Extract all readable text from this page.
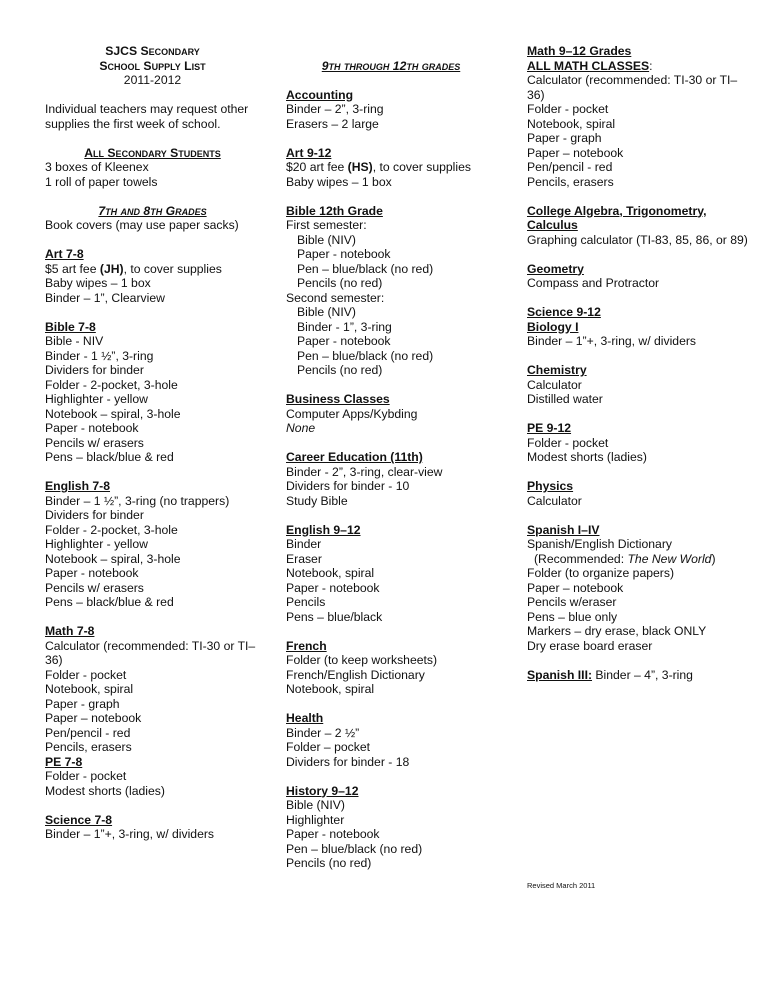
SJCS Secondary
School Supply List
2011-2012
Individual teachers may request other supplies the first week of school.
All Secondary Students
3 boxes of Kleenex
1 roll of paper towels
7th and 8th Grades
Book covers (may use paper sacks)
Art 7-8
$5 art fee (JH), to cover supplies
Baby wipes – 1 box
Binder – 1”, Clearview
Bible 7-8
Bible - NIV
Binder - 1 ½”, 3-ring
Dividers for binder
Folder - 2-pocket, 3-hole
Highlighter - yellow
Notebook – spiral, 3-hole
Paper - notebook
Pencils w/ erasers
Pens – black/blue & red
English 7-8
Binder – 1 ½”, 3-ring (no trappers)
Dividers for binder
Folder - 2-pocket, 3-hole
Highlighter - yellow
Notebook – spiral, 3-hole
Paper - notebook
Pencils w/ erasers
Pens – black/blue & red
Math 7-8
Calculator (recommended: TI-30 or TI–36)
Folder - pocket
Notebook, spiral
Paper - graph
Paper – notebook
Pen/pencil - red
Pencils, erasers
PE 7-8
Folder - pocket
Modest shorts (ladies)
Science 7-8
Binder – 1”+, 3-ring, w/ dividers
9th through 12th grades
Accounting
Binder – 2”, 3-ring
Erasers – 2 large
Art 9-12
$20 art fee (HS), to cover supplies
Baby wipes – 1 box
Bible 12th Grade
First semester:
Bible (NIV)
Paper - notebook
Pen – blue/black (no red)
Pencils (no red)
Second semester:
Bible (NIV)
Binder - 1”, 3-ring
Paper - notebook
Pen – blue/black (no red)
Pencils (no red)
Business Classes
Computer Apps/Kybding
None
Career Education (11th)
Binder - 2”, 3-ring, clear-view
Dividers for binder - 10
Study Bible
English 9–12
Binder
Eraser
Notebook, spiral
Paper - notebook
Pencils
Pens – blue/black
French
Folder (to keep worksheets)
French/English Dictionary
Notebook, spiral
Health
Binder – 2 ½”
Folder – pocket
Dividers for binder - 18
History 9–12
Bible (NIV)
Highlighter
Paper - notebook
Pen – blue/black (no red)
Pencils (no red)
Math 9–12 Grades
ALL MATH CLASSES:
Calculator (recommended: TI-30 or TI–36)
Folder - pocket
Notebook, spiral
Paper - graph
Paper – notebook
Pen/pencil - red
Pencils, erasers
College Algebra, Trigonometry, Calculus
Graphing calculator (TI-83, 85, 86, or 89)
Geometry
Compass and Protractor
Science 9-12
Biology I
Binder – 1”+, 3-ring, w/ dividers
Chemistry
Calculator
Distilled water
PE 9-12
Folder - pocket
Modest shorts (ladies)
Physics
Calculator
Spanish I–IV
Spanish/English Dictionary
(Recommended: The New World)
Folder (to organize papers)
Paper – notebook
Pencils w/eraser
Pens – blue only
Markers – dry erase, black ONLY
Dry erase board eraser
Spanish III: Binder – 4”, 3-ring
Revised March 2011
